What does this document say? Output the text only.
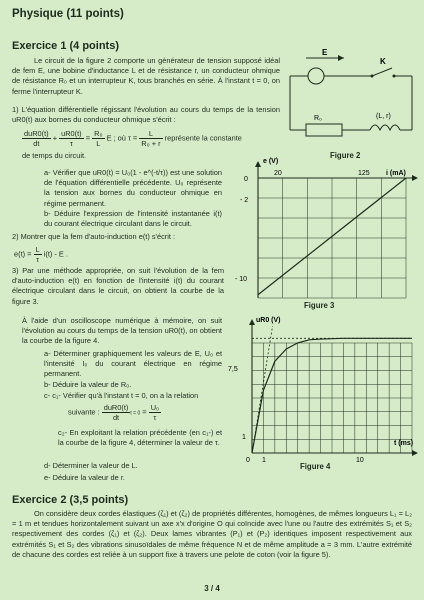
Physique (11 points)
Exercice 1 (4 points)

Le circuit de la figure 2 comporte un générateur de tension supposé idéal de fem E, une bobine d'inductance L et de résistance r, un conducteur ohmique de résistance R₀ et un interrupteur K, tous branchés en série. À l'instant t = 0, on ferme l'interrupteur K.

E
K
R₀	(L, r)
Figure 2

1) L'équation différentielle régissant l'évolution au cours du temps de la tension uR0(t) aux bornes du conducteur ohmique s'écrit :

$\frac{\text{duR0(t)}}{dt} + \frac{uR0(t)}{\tau} = \frac{\text{R₀}}{L}$ E ; où $\tau = \frac{L}{\text{R₀ + r}}$ représente la constante

de temps du circuit.

a- Vérifier que uR0(t) = U₀(1 - e^(-t/τ)) est une solution de l'équation différentielle précédente. U₀ représente la tension aux bornes du conducteur ohmique en régime permanent.

b- Déduire l'expression de l'intensité instantanée i(t) du courant électrique circulant dans le circuit.

2) Montrer que la fem d'auto-induction e(t) s'écrit :

$e(t) = \frac{L}{\tau} i(t) - E$ .

3) Par une méthode appropriée, on suit l'évolution de la fem d'auto-induction e(t) en fonction de l'intensité i(t) du courant électrique circulant dans le circuit, on obtient la courbe de la figure 3.

e (V)
i (mA)
20	125
0
- 2
- 10
Figure 3

À l'aide d'un oscilloscope numérique à mémoire, on suit l'évolution au cours du temps de la tension uR0(t), on obtient la courbe de la figure 4.

a- Déterminer graphiquement les valeurs de E, U₀ et l'intensité I₀ du courant électrique en régime permanent.

b- Déduire la valeur de R₀.

c- c₁- Vérifier qu'à l'instant t = 0, on a la relation

suivante : $\frac{\text{duR0(t)}}{dt}$ $t = 0 = \frac{\text{U₀}}{\tau}$

c₂- En exploitant la relation précédente (en c₁-) et la courbe de la figure 4, déterminer la valeur de τ.

d- Déterminer la valeur de L.

e- Déduire la valeur de r.

uR0 (V)
t (ms)
0 1	10
7,5
1
Figure 4
Exercice 2 (3,5 points)

On considère deux cordes élastiques (ζ₁) et (ζ₂) de propriétés différentes, homogènes, de mêmes longueurs L₁ = L₂ = 1 m et tendues horizontalement suivant un axe x'x d'origine O qui coïncide avec l'une ou l'autre des extrémités S₁ et S₂ respectivement des cordes (ζ₁) et (ζ₂). Deux lames vibrantes (P₁) et (P₂) identiques imposent respectivement aux extrémités S₁ et S₂ des vibrations sinusoïdales de même fréquence N et de même amplitude a = 3 mm. L'autre extrémité de chacune des cordes est reliée à un support fixe à travers une pelote de coton (voir la figure 5).

3 / 4
